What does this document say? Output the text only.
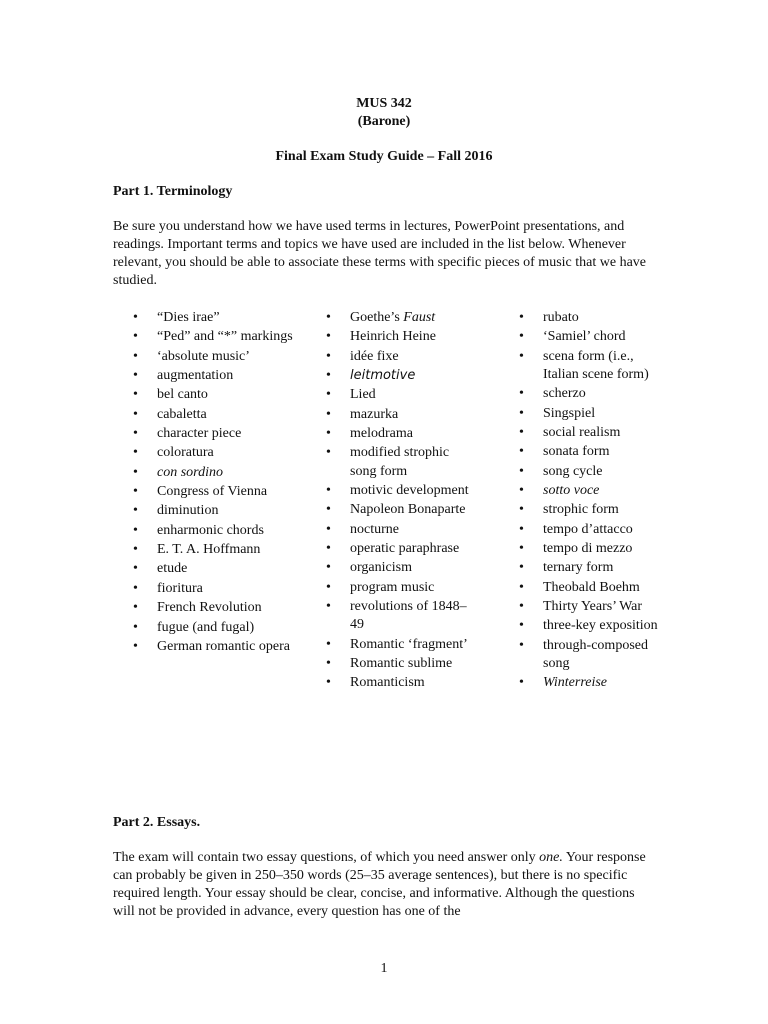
MUS 342
(Barone)
Final Exam Study Guide – Fall 2016
Part 1. Terminology

Be sure you understand how we have used terms in lectures, PowerPoint presentations, and readings. Important terms and topics we have used are included in the list below. Whenever relevant, you should be able to associate these terms with specific pieces of music that we have studied.

• “Dies irae”
• “Ped” and “*” markings
• ‘absolute music’
• augmentation
• bel canto
• cabaletta
• character piece
• coloratura
• con sordino
• Congress of Vienna
• diminution
• enharmonic chords
• E. T. A. Hoffmann
• etude
• fioritura
• French Revolution
• fugue (and fugal)
• German romantic opera
• Goethe’s Faust
• Heinrich Heine
• idée fixe
• leitmotive
• Lied
• mazurka
• melodrama
• modified strophic song form
• motivic development
• Napoleon Bonaparte
• nocturne
• operatic paraphrase
• organicism
• program music
• revolutions of 1848–49
• Romantic ‘fragment’
• Romantic sublime
• Romanticism
• rubato
• ‘Samiel’ chord
• scena form (i.e., Italian scene form)
• scherzo
• Singspiel
• social realism
• sonata form
• song cycle
• sotto voce
• strophic form
• tempo d’attacco
• tempo di mezzo
• ternary form
• Theobald Boehm
• Thirty Years’ War
• three-key exposition
• through-composed song
• Winterreise
Part 2. Essays.

The exam will contain two essay questions, of which you need answer only one. Your response can probably be given in 250–350 words (25–35 average sentences), but there is no specific required length. Your essay should be clear, concise, and informative. Although the questions will not be provided in advance, every question has one of the

1
